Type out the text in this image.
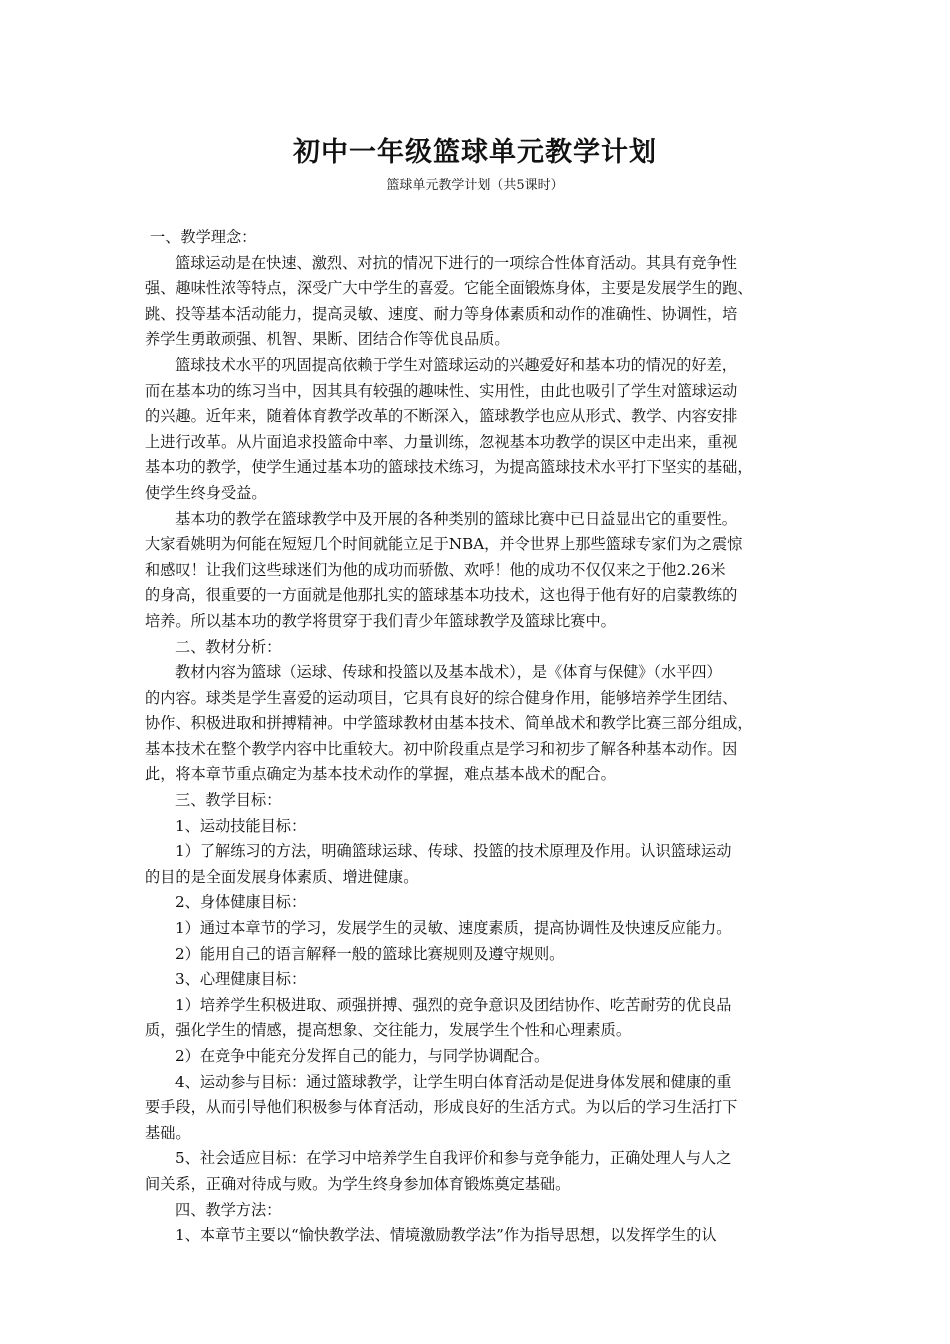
初中一年级篮球单元教学计划

篮球单元教学计划（共5课时）

一、教学理念：
篮球运动是在快速、激烈、对抗的情况下进行的一项综合性体育活动。其具有竞争性
强、趣味性浓等特点，深受广大中学生的喜爱。它能全面锻炼身体，主要是发展学生的跑、
跳、投等基本活动能力，提高灵敏、速度、耐力等身体素质和动作的准确性、协调性，培
养学生勇敢顽强、机智、果断、团结合作等优良品质。
篮球技术水平的巩固提高依赖于学生对篮球运动的兴趣爱好和基本功的情况的好差，
而在基本功的练习当中，因其具有较强的趣味性、实用性，由此也吸引了学生对篮球运动
的兴趣。近年来，随着体育教学改革的不断深入，篮球教学也应从形式、教学、内容安排
上进行改革。从片面追求投篮命中率、力量训练，忽视基本功教学的误区中走出来，重视
基本功的教学，使学生通过基本功的篮球技术练习，为提高篮球技术水平打下坚实的基础，
使学生终身受益。
基本功的教学在篮球教学中及开展的各种类别的篮球比赛中已日益显出它的重要性。
大家看姚明为何能在短短几个时间就能立足于NBA，并令世界上那些篮球专家们为之震惊
和感叹！让我们这些球迷们为他的成功而骄傲、欢呼！他的成功不仅仅来之于他2.26米
的身高，很重要的一方面就是他那扎实的篮球基本功技术，这也得于他有好的启蒙教练的
培养。所以基本功的教学将贯穿于我们青少年篮球教学及篮球比赛中。
二、教材分析：
教材内容为篮球（运球、传球和投篮以及基本战术），是《体育与保健》（水平四）
的内容。球类是学生喜爱的运动项目，它具有良好的综合健身作用，能够培养学生团结、
协作、积极进取和拼搏精神。中学篮球教材由基本技术、简单战术和教学比赛三部分组成，
基本技术在整个教学内容中比重较大。初中阶段重点是学习和初步了解各种基本动作。因
此，将本章节重点确定为基本技术动作的掌握，难点基本战术的配合。
三、教学目标：
1、运动技能目标：
1）了解练习的方法，明确篮球运球、传球、投篮的技术原理及作用。认识篮球运动
的目的是全面发展身体素质、增进健康。
2、身体健康目标：
1）通过本章节的学习，发展学生的灵敏、速度素质，提高协调性及快速反应能力。
2）能用自己的语言解释一般的篮球比赛规则及遵守规则。
3、心理健康目标：
1）培养学生积极进取、顽强拼搏、强烈的竞争意识及团结协作、吃苦耐劳的优良品
质，强化学生的情感，提高想象、交往能力，发展学生个性和心理素质。
2）在竞争中能充分发挥自己的能力，与同学协调配合。
4、运动参与目标：通过篮球教学，让学生明白体育活动是促进身体发展和健康的重
要手段，从而引导他们积极参与体育活动，形成良好的生活方式。为以后的学习生活打下
基础。
5、社会适应目标：在学习中培养学生自我评价和参与竞争能力，正确处理人与人之
间关系，正确对待成与败。为学生终身参加体育锻炼奠定基础。
四、教学方法：
1、本章节主要以“愉快教学法、情境激励教学法”作为指导思想，以发挥学生的认
